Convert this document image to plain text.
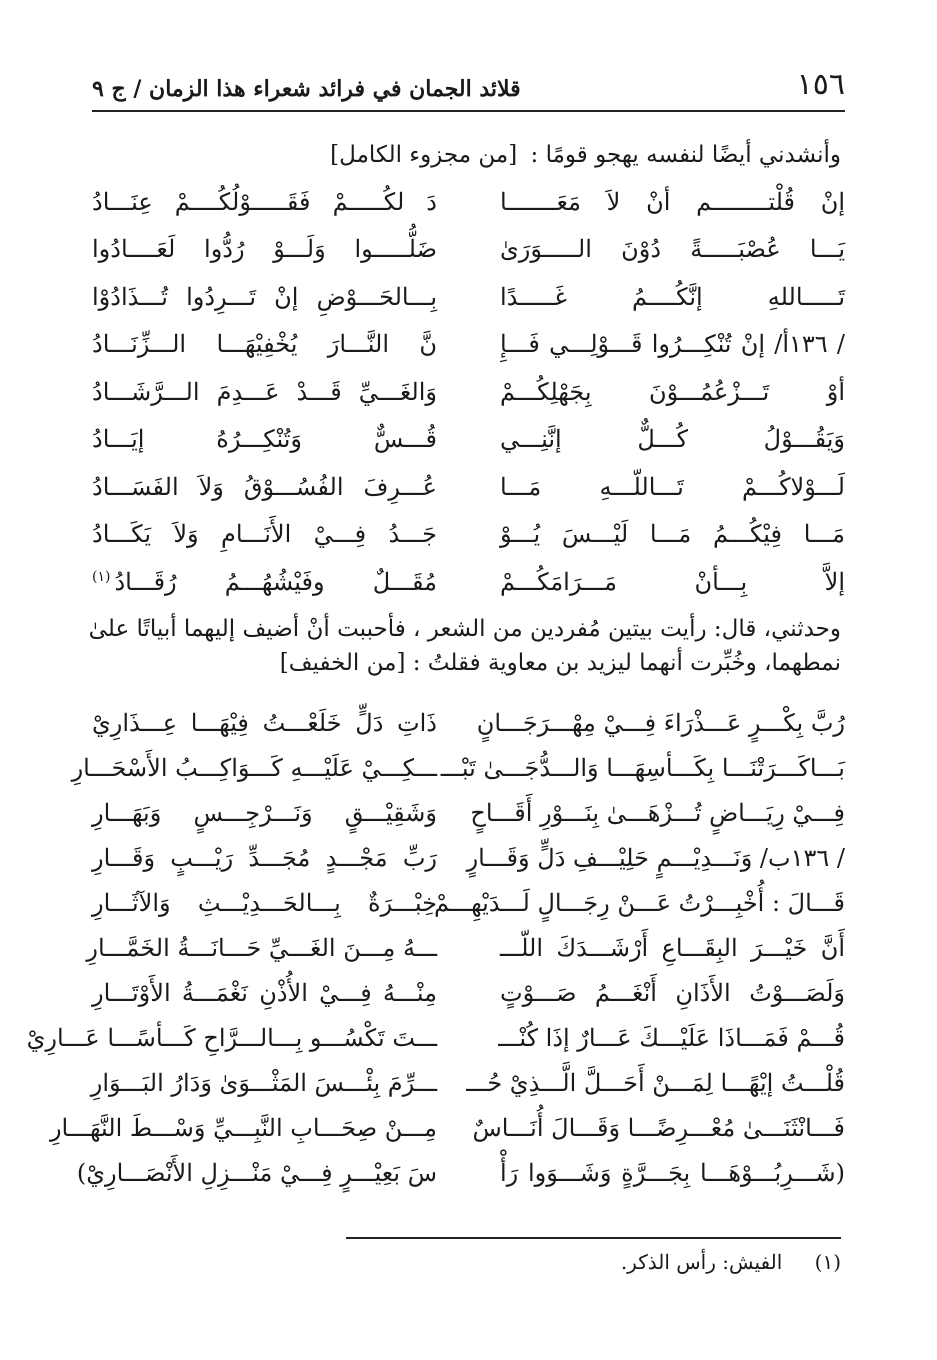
١٥٦
قلائد الجمان في فرائد شعراء هذا الزمان / ج ٩
وأنشدني أيضًا لنفسه يهجو قومًا : [من مجزوء الكامل]
إنْ قُلْتــــــــم أنْ لاَ مَعَـــــــا
دَ لكُـــــمْ فَقَـــــوْلُكُــــمْ عِنَـــادُ
يَـــا عُصْبَـــــةً دُوْنَ الـــــوَرَىٰ
ضَلُّـــــوا وَلَـــوْ رُدُّوا لَعَــــادُوا
تَـــــاللهِ إنَّكُــــمُ غَـــــدًا
بِـــالحَـــوْضِ إنْ تَـــرِدُوا تُـــذَادُوْا
/ ١٣٦أ/ إنْ تُنْكِـــرُوا قَـــوْلِـــي فَـــإِ
نَّ النَّـــارَ يُخْفِيْهَـــا الـــزِّنَـــادُ
أوْ تَـــزْعُمُـــوْنَ بِجَهْلِكُـــمْ
وَالغَـــيِّ قَـــدْ عَـــدِمَ الـــرَّشَـــادُ
وَيَقُـــوْلُ كُـــلٌّ إنَّنِـــي
قُـــسٌّ وَتُنْكِـــرُهُ إيَـــادُ
لَـــوْلاكُـــمْ تَـــاللّـــهِ مَـــا
عُـــرِفَ الفُسُـــوْقُ وَلاَ الفَسَـــادُ
مَـــا فِيْكُـــمُ مَـــا لَيْـــسَ يُـــوْ
جَـــدُ فِـــيْ الأَنَـــامِ وَلاَ يَكَـــادُ
إلاَّ بِـــأنْ مَـــرَامَكُـــمْ
مُقَـــلٌ وفَيْشُهُـــمُ رُقَـــادُ$^{(١)}$
وحدثني، قال: رأيت بيتين مُفردين من الشعر ، فأحببت أنْ أضيف إليهما أبياتًا علىٰ
نمطهما، وخُبِّرت أنهما ليزيد بن معاوية فقلتُ : [من الخفيف]
رُبَّ بِكْـــرٍ عَـــذْرَاءَ فِـــيْ مِهْـــرَجَـــانٍ
ذَاتِ دَلٍّ خَلَعْـــتُ فِيْهَـــا عِـــذَارِيْ
بَـــاكَـــرَتْنَـــا بِكَـــأسِهَـــا وَالـــدُّجَـــىٰ تَبْـــ
ـــكِـــيْ عَلَيْـــهِ كَـــوَاكِـــبُ الأَسْحَـــارِ
فِـــيْ رِيَـــاضٍ تُـــزْهَـــىٰ بِنَـــوْرِ أَقَـــاحٍ
وَشَقِيْـــقٍ وَنَـــرْجِـــسٍ وَبَهَـــارِ
/ ١٣٦ب/ وَنَـــدِيْـــمٍ حَلِيْـــفِ دَلٍّ وَقَـــارٍ
رَبِّ مَجْـــدٍ مُجَـــدِّ رَيْـــبٍ وَقَـــارِ
قَـــالَ : أُخْبِـــرْتُ عَـــنْ رِجَـــالٍ لَـــدَيْهِـــمْ
خِبْـــرَةٌ بِـــالحَـــدِيْـــثِ وَالآثَـــارِ
أَنَّ خَيْـــرَ البِقَـــاعِ أَرْشَـــدَكَ اللّـــ
ـــهُ مِـــنَ الغَـــيِّ حَـــانَـــةُ الخَمَّـــارِ
وَلَصَـــوْتُ الأَذَانِ أَنْغَـــمُ صَـــوْتٍ
مِنْـــهُ فِـــيْ الأُذْنِ نَغْمَـــةُ الأَوْتَـــارِ
قُـــمْ فَمَـــاذَا عَلَيْـــكَ عَـــارٌ إذَا كُنْـــ
ـــتَ تَكْسُـــو بِـــالـــرَّاحِ كَـــأسًـــا عَـــارِيْ
قُلْـــتُ إيْهًـــا لِمَـــنْ أَحَـــلَّ الَّـــذِيْ حُـــ
ـــرِّمَ بِئْـــسَ المَثْـــوَىٰ وَدَارُ البَـــوَارِ
فَـــانْثَنَـــىٰ مُعْـــرِضًـــا وَقَـــالَ أُنَـــاسٌ
مِـــنْ صِحَـــابِ النَّبِـــيِّ وَسْـــطَ النَّهَـــارِ
(شَـــرِبُـــوْهَـــا بِجَـــرَّةٍ وَشَـــوَوا رَأْ
سَ بَعِيْـــرٍ فِـــيْ مَنْـــزِلِ الأَنْصَـــارِيْ)
(١) الفيش: رأس الذكر.
